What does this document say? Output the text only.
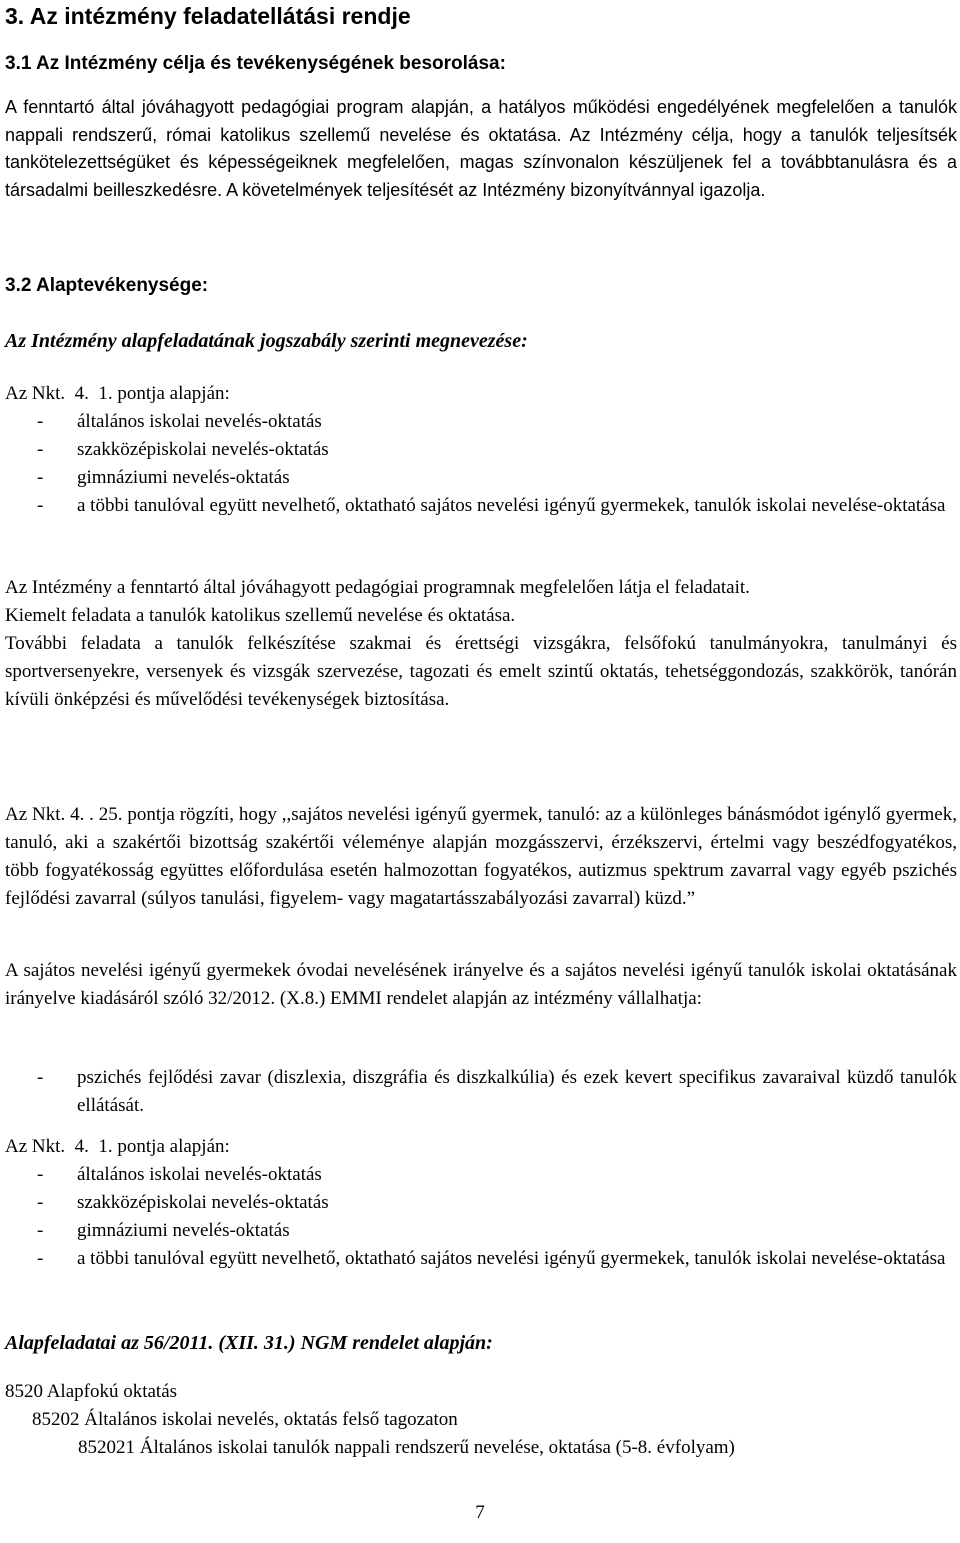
3. Az intézmény feladatellátási rendje
3.1 Az Intézmény célja és tevékenységének besorolása:

A fenntartó által jóváhagyott pedagógiai program alapján, a hatályos működési engedélyének megfelelően a tanulók nappali rendszerű, római katolikus szellemű nevelése és oktatása. Az Intézmény célja, hogy a tanulók teljesítsék tankötelezettségüket és képességeiknek megfelelően, magas színvonalon készüljenek fel a továbbtanulásra és a társadalmi beilleszkedésre. A követelmények teljesítését az Intézmény bizonyítvánnyal igazolja.

3.2 Alaptevékenysége:
Az Intézmény alapfeladatának jogszabály szerinti megnevezése:
Az Nkt.  4.  1. pontja alapján:
- általános iskolai nevelés-oktatás
- szakközépiskolai nevelés-oktatás
- gimnáziumi nevelés-oktatás
- a többi tanulóval együtt nevelhető, oktatható sajátos nevelési igényű gyermekek, tanulók iskolai nevelése-oktatása

Az Intézmény a fenntartó által jóváhagyott pedagógiai programnak megfelelően látja el feladatait.

Kiemelt feladata a tanulók katolikus szellemű nevelése és oktatása.

További feladata a tanulók felkészítése szakmai és érettségi vizsgákra, felsőfokú tanulmányokra, tanulmányi és sportversenyekre, versenyek és vizsgák szervezése, tagozati és emelt szintű oktatás, tehetséggondozás, szakkörök, tanórán kívüli önképzési és művelődési tevékenységek biztosítása.

Az Nkt. 4. . 25. pontja rögzíti, hogy ,,sajátos nevelési igényű gyermek, tanuló: az a különleges bánásmódot igénylő gyermek, tanuló, aki a szakértői bizottság szakértői véleménye alapján mozgásszervi, érzékszervi, értelmi vagy beszédfogyatékos, több fogyatékosság együttes előfordulása esetén halmozottan fogyatékos, autizmus spektrum zavarral vagy egyéb pszichés fejlődési zavarral (súlyos tanulási, figyelem- vagy magatartásszabályozási zavarral) küzd.”
A sajátos nevelési igényű gyermekek óvodai nevelésének irányelve és a sajátos nevelési igényű tanulók iskolai oktatásának irányelve kiadásáról szóló 32/2012. (X.8.) EMMI rendelet alapján az intézmény vállalhatja:
- pszichés fejlődési zavar (diszlexia, diszgráfia és diszkalkúlia) és ezek kevert specifikus zavaraival küzdő tanulók ellátását.
Az Nkt.  4.  1. pontja alapján:
- általános iskolai nevelés-oktatás
- szakközépiskolai nevelés-oktatás
- gimnáziumi nevelés-oktatás
- a többi tanulóval együtt nevelhető, oktatható sajátos nevelési igényű gyermekek, tanulók iskolai nevelése-oktatása
Alapfeladatai az 56/2011. (XII. 31.) NGM rendelet alapján:

8520 Alapfokú oktatás

85202 Általános iskolai nevelés, oktatás felső tagozaton

852021 Általános iskolai tanulók nappali rendszerű nevelése, oktatása (5-8. évfolyam)

7
